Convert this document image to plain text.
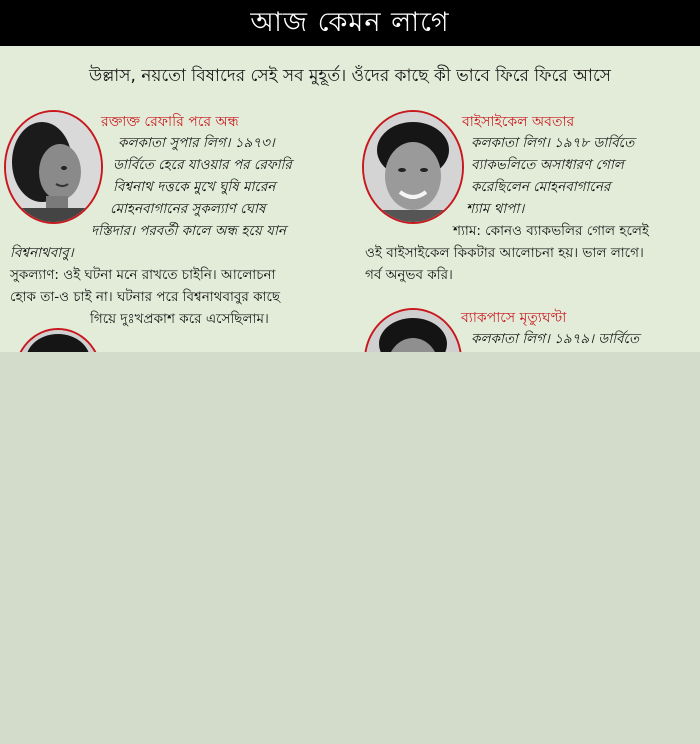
আজ কেমন লাগে
উল্লাস, নয়তো বিষাদের সেই সব মুহূর্ত। ওঁদের কাছে কী ভাবে ফিরে ফিরে আসে
রক্তাক্ত রেফারি পরে অন্ধ
কলকাতা সুপার লিগ। ১৯৭৩।
ডার্বিতে হেরে যাওয়ার পর রেফারি
বিশ্বনাথ দত্তকে মুখে ঘুষি মারেন
মোহনবাগানের সুকল্যাণ ঘোষ
দস্তিদার। পরবর্তী কালে অন্ধ হয়ে যান
বিশ্বনাথবাবু।
সুকল্যাণ: ওই ঘটনা মনে রাখতে চাইনি। আলোচনা
হোক তা-ও চাই না। ঘটনার পরে বিশ্বনাথবাবুর কাছে
গিয়ে দুঃখপ্রকাশ করে এসেছিলাম।
বাইসাইকেল অবতার
কলকাতা লিগ। ১৯৭৮ ডার্বিতে
ব্যাকভলিতে অসাধারণ গোল
করেছিলেন মোহনবাগানের
শ্যাম থাপা।
শ্যাম: কোনও ব্যাকভলির গোল হলেই
ওই বাইসাইকেল কিকটার আলোচনা হয়। ভাল লাগে।
গর্ব অনুভব করি।
ব্যাকপাসে মৃত্যুঘণ্টা
কলকাতা লিগ। ১৯৭৯। ডার্বিতে
